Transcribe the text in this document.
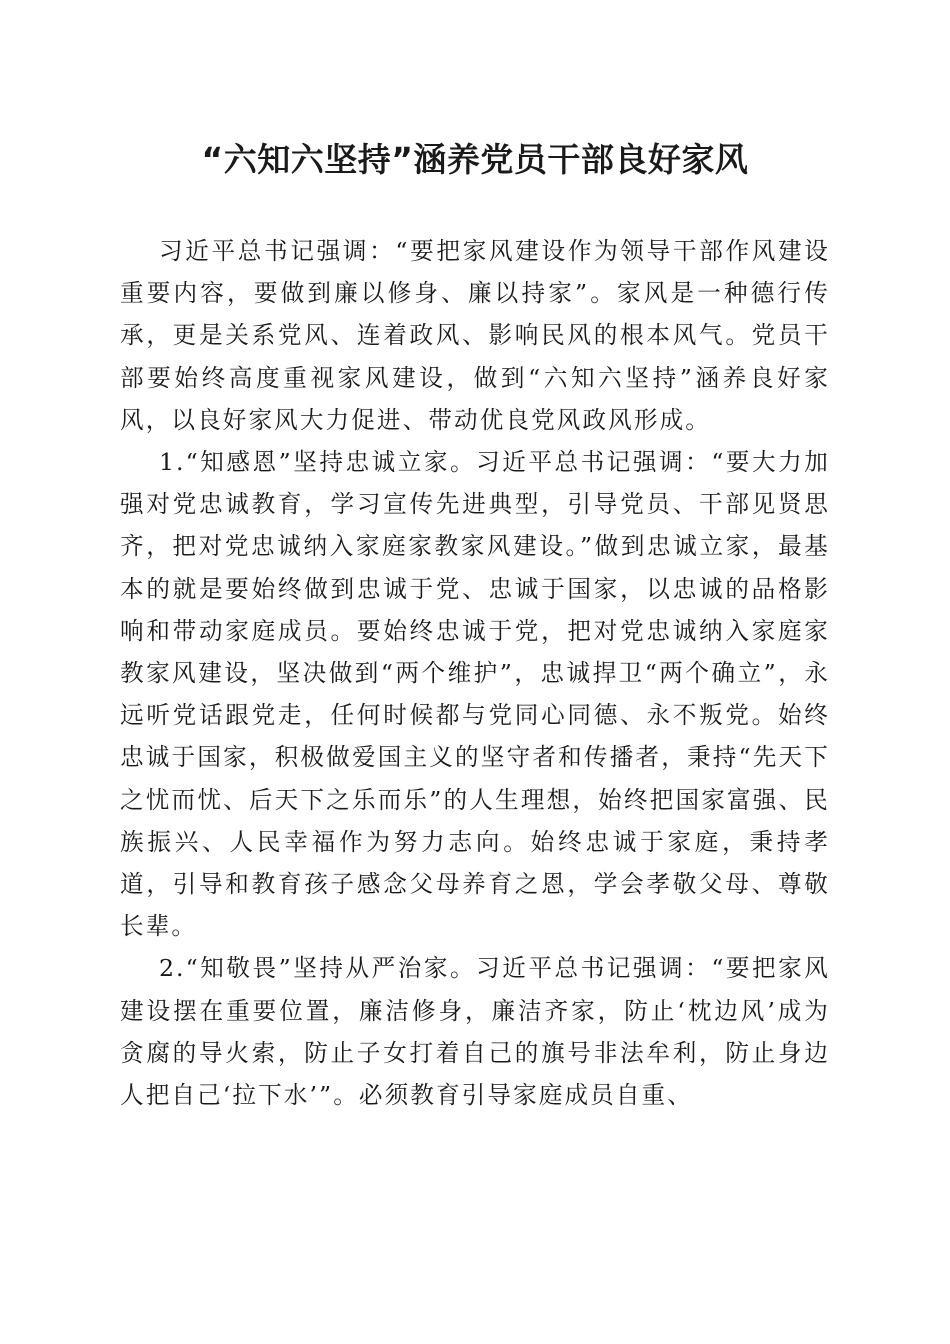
“六知六坚持”涵养党员干部良好家风

习近平总书记强调：“要把家风建设作为领导干部作风建设重要内容，要做到廉以修身、廉以持家”。家风是一种德行传承，更是关系党风、连着政风、影响民风的根本风气。党员干部要始终高度重视家风建设，做到“六知六坚持”涵养良好家风，以良好家风大力促进、带动优良党风政风形成。

1.“知感恩”坚持忠诚立家。习近平总书记强调：“要大力加强对党忠诚教育，学习宣传先进典型，引导党员、干部见贤思齐，把对党忠诚纳入家庭家教家风建设。”做到忠诚立家，最基本的就是要始终做到忠诚于党、忠诚于国家，以忠诚的品格影响和带动家庭成员。要始终忠诚于党，把对党忠诚纳入家庭家教家风建设，坚决做到“两个维护”，忠诚捍卫“两个确立”，永远听党话跟党走，任何时候都与党同心同德、永不叛党。始终忠诚于国家，积极做爱国主义的坚守者和传播者，秉持“先天下之忧而忧、后天下之乐而乐”的人生理想，始终把国家富强、民族振兴、人民幸福作为努力志向。始终忠诚于家庭，秉持孝道，引导和教育孩子感念父母养育之恩，学会孝敬父母、尊敬长辈。

2.“知敬畏”坚持从严治家。习近平总书记强调：“要把家风建设摆在重要位置，廉洁修身，廉洁齐家，防止‘枕边风’成为贪腐的导火索，防止子女打着自己的旗号非法牟利，防止身边人把自己‘拉下水’”。必须教育引导家庭成员自重、
